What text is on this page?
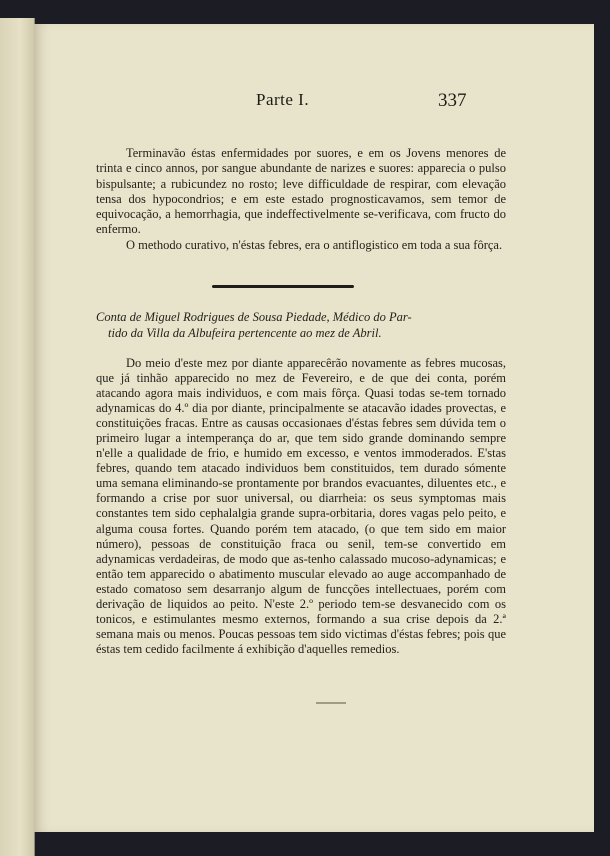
Parte I.	337

Terminavão éstas enfermidades por suores, e em os Jovens menores de trinta e cinco annos, por sangue abundante de narizes e suores: apparecia o pulso bispulsante; a rubicundez no rosto; leve difficuldade de respirar, com elevação tensa dos hypocondrios; e em este estado prognosticavamos, sem temor de equivocação, a hemorrhagia, que indeffectivelmente se-verificava, com fructo do enfermo.

O methodo curativo, n'éstas febres, era o antiflogistico em toda a sua fôrça.

Conta de Miguel Rodrigues de Sousa Piedade, Médico do Par-
tido da Villa da Albufeira pertencente ao mez de Abril.

Do meio d'este mez por diante apparecêrão novamente as febres mucosas, que já tinhão apparecido no mez de Fevereiro, e de que dei conta, porém atacando agora mais individuos, e com mais fôrça. Quasi todas se-tem tornado adynamicas do 4.º dia por diante, principalmente se atacavão idades provectas, e constituições fracas. Entre as causas occasionaes d'éstas febres sem dúvida tem o primeiro lugar a intemperança do ar, que tem sido grande dominando sempre n'elle a qualidade de frio, e humido em excesso, e ventos immoderados. E'stas febres, quando tem atacado individuos bem constituidos, tem durado sómente uma semana eliminando-se prontamente por brandos evacuantes, diluentes etc., e formando a crise por suor universal, ou diarrheia: os seus symptomas mais constantes tem sido cephalalgia grande supra-orbitaria, dores vagas pelo peito, e alguma cousa fortes. Quando porém tem atacado, (o que tem sido em maior número), pessoas de constituição fraca ou senil, tem-se convertido em adynamicas verdadeiras, de modo que as-tenho calassado mucoso-adynamicas; e então tem apparecido o abatimento muscular elevado ao auge accompanhado de estado comatoso sem desarranjo algum de funcções intellectuaes, porém com derivação de liquidos ao peito. N'este 2.º periodo tem-se desvanecido com os tonicos, e estimulantes mesmo externos, formando a sua crise depois da 2.ª semana mais ou menos. Poucas pessoas tem sido victimas d'éstas febres; pois que éstas tem cedido facilmente á exhibição d'aquelles remedios.
